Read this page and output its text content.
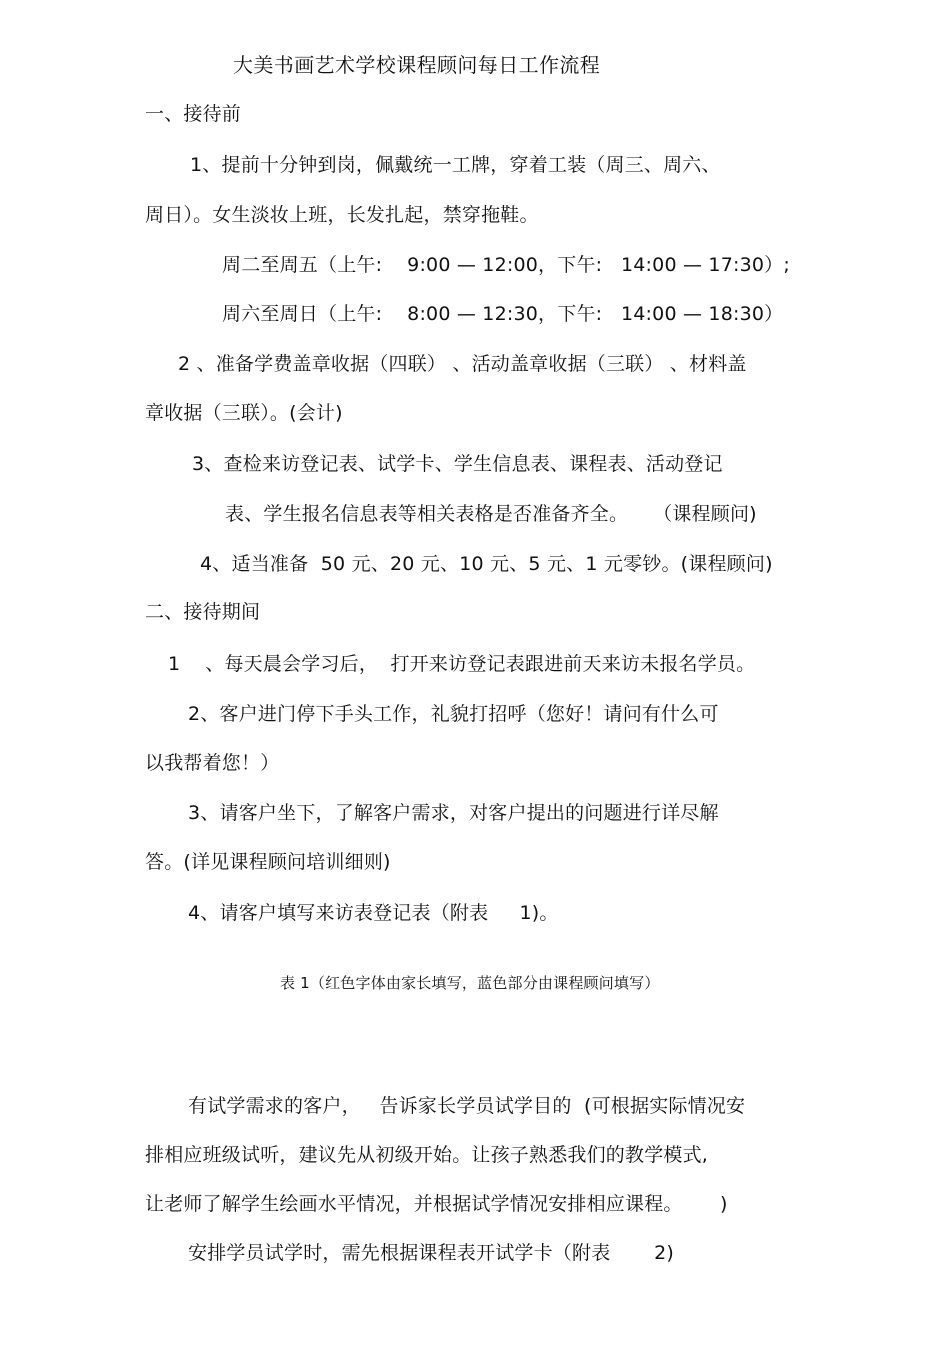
大美书画艺术学校课程顾问每日工作流程
一、接待前
1、提前十分钟到岗，佩戴统一工牌，穿着工装（周三、周六、
周日）。女生淡妆上班，长发扎起，禁穿拖鞋。
周二至周五（上午:    9:00 — 12:00，下午:   14:00 — 17:30）;
周六至周日（上午:    8:00 — 12:30，下午:   14:00 — 18:30）
2 、准备学费盖章收据（四联） 、活动盖章收据（三联） 、材料盖
章收据（三联）。(会计)
3、查检来访登记表、试学卡、学生信息表、课程表、活动登记
表、学生报名信息表等相关表格是否准备齐全。    （课程顾问)
4、适当准备  50 元、20 元、10 元、5 元、1 元零钞。(课程顾问)
二、接待期间
1    、每天晨会学习后，  打开来访登记表跟进前天来访未报名学员。
2、客户进门停下手头工作，礼貌打招呼（您好！请问有什么可
以我帮着您！）
3、请客户坐下，了解客户需求，对客户提出的问题进行详尽解
答。(详见课程顾问培训细则)
4、请客户填写来访表登记表（附表     1)。
表 1（红色字体由家长填写，蓝色部分由课程顾问填写）
有试学需求的客户，   告诉家长学员试学目的  (可根据实际情况安
排相应班级试听，建议先从初级开始。让孩子熟悉我们的教学模式,
让老师了解学生绘画水平情况，并根据试学情况安排相应课程。      )
安排学员试学时，需先根据课程表开试学卡（附表       2)
